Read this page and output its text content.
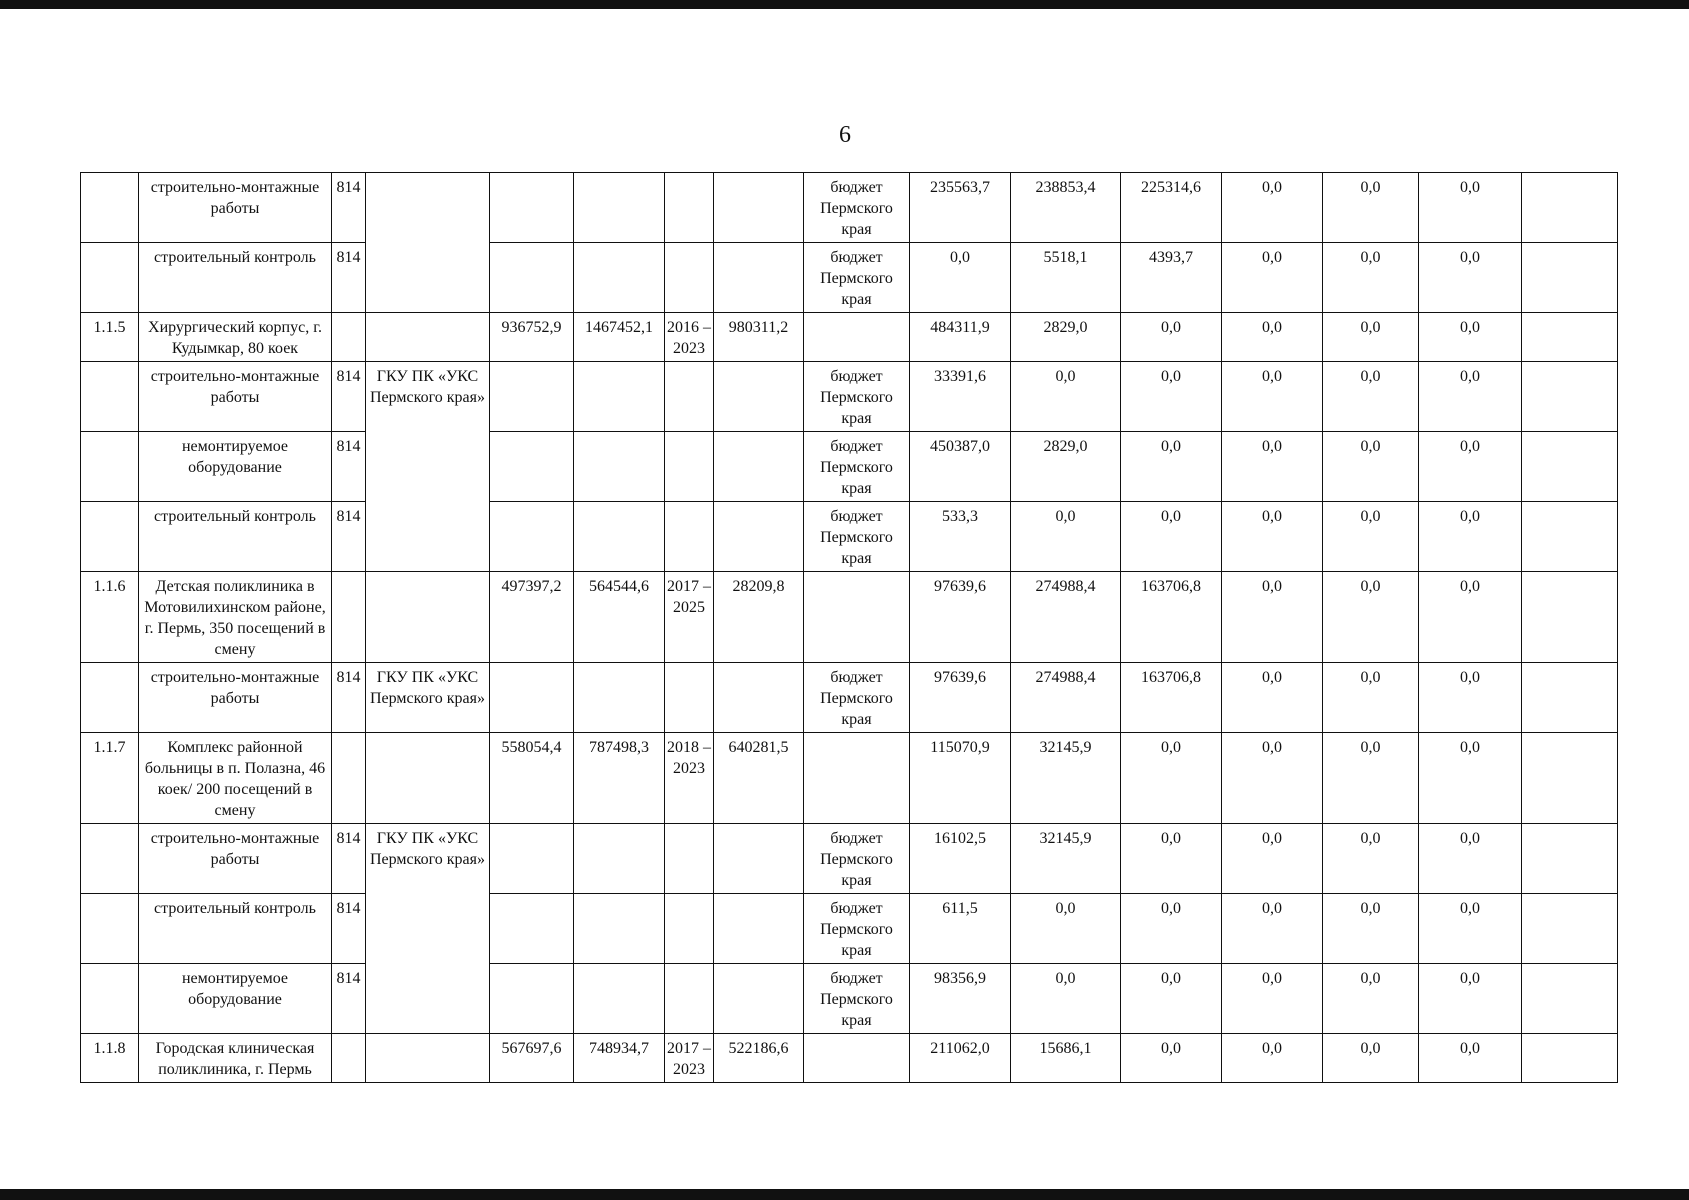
6
	строительно-монтажные работы	814						бюджет Пермского края	235563,7	238853,4	225314,6	0,0	0,0	0,0	
	строительный контроль	814						бюджет Пермского края	0,0	5518,1	4393,7	0,0	0,0	0,0	
1.1.5	Хирургический корпус, г. Кудымкар, 80 коек			936752,9	1467452,1	2016 – 2023	980311,2		484311,9	2829,0	0,0	0,0	0,0	0,0	
	строительно-монтажные работы	814	ГКУ ПК «УКС Пермского края»					бюджет Пермского края	33391,6	0,0	0,0	0,0	0,0	0,0	
	немонтируемое оборудование	814						бюджет Пермского края	450387,0	2829,0	0,0	0,0	0,0	0,0	
	строительный контроль	814						бюджет Пермского края	533,3	0,0	0,0	0,0	0,0	0,0	
1.1.6	Детская поликлиника в Мотовилихинском районе, г. Пермь, 350 посещений в смену			497397,2	564544,6	2017 – 2025	28209,8		97639,6	274988,4	163706,8	0,0	0,0	0,0	
	строительно-монтажные работы	814	ГКУ ПК «УКС Пермского края»					бюджет Пермского края	97639,6	274988,4	163706,8	0,0	0,0	0,0	
1.1.7	Комплекс районной больницы в п. Полазна, 46 коек/ 200 посещений в смену			558054,4	787498,3	2018 – 2023	640281,5		115070,9	32145,9	0,0	0,0	0,0	0,0	
	строительно-монтажные работы	814	ГКУ ПК «УКС Пермского края»					бюджет Пермского края	16102,5	32145,9	0,0	0,0	0,0	0,0	
	строительный контроль	814						бюджет Пермского края	611,5	0,0	0,0	0,0	0,0	0,0	
	немонтируемое оборудование	814						бюджет Пермского края	98356,9	0,0	0,0	0,0	0,0	0,0	
1.1.8	Городская клиническая поликлиника, г. Пермь			567697,6	748934,7	2017 – 2023	522186,6		211062,0	15686,1	0,0	0,0	0,0	0,0	
